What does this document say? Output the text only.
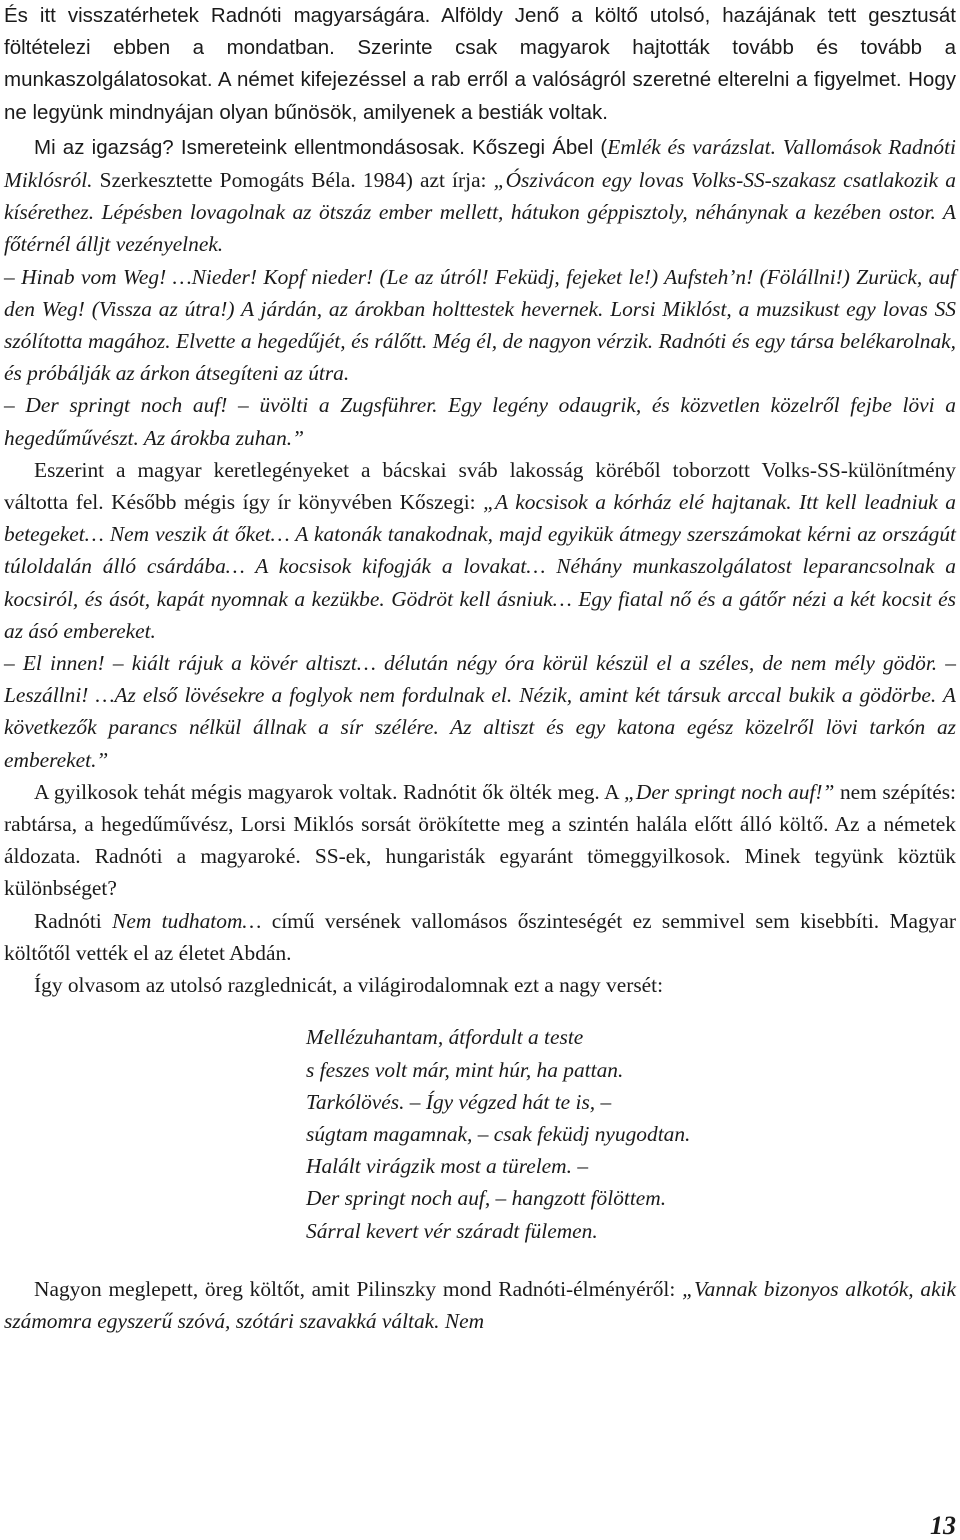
És itt visszatérhetek Radnóti magyarságára. Alföldy Jenő a költő utolsó, hazájának tett gesztusát föltételezi ebben a mondatban. Szerinte csak magyarok hajtották tovább és tovább a munkaszolgálatosokat. A német kifejezéssel a rab erről a valóságról szeretné elterelni a figyelmet. Hogy ne legyünk mindnyájan olyan bűnösök, amilyenek a bestiák voltak.

Mi az igazság? Ismereteink ellentmondásosak. Kőszegi Ábel (Emlék és varázslat. Vallomások Radnóti Miklósról. Szerkesztette Pomogáts Béla. 1984) azt írja: „Ószivácon egy lovas Volks-SS-szakasz csatlakozik a kísérethez. Lépésben lovagolnak az ötszáz ember mellett, hátukon géppisztoly, néhánynak a kezében ostor. A főtérnél álljt vezényelnek.

– Hinab vom Weg! …Nieder! Kopf nieder! (Le az útról! Feküdj, fejeket le!) Aufsteh’n! (Fölállni!) Zurück, auf den Weg! (Vissza az útra!) A járdán, az árokban holttestek hevernek. Lorsi Miklóst, a muzsikust egy lovas SS szólította magához. Elvette a hegedűjét, és rálőtt. Még él, de nagyon vérzik. Radnóti és egy társa belékarolnak, és próbálják az árkon átsegíteni az útra.

– Der springt noch auf! – üvölti a Zugsführer. Egy legény odaugrik, és közvetlen közelről fejbe lövi a hegedűművészt. Az árokba zuhan.”

Eszerint a magyar keretlegényeket a bácskai sváb lakosság köréből toborzott Volks-SS-különítmény váltotta fel. Később mégis így ír könyvében Kőszegi: „A kocsisok a kórház elé hajtanak. Itt kell leadniuk a betegeket… Nem veszik át őket… A katonák tanakodnak, majd egyikük átmegy szerszámokat kérni az országút túloldalán álló csárdába… A kocsisok kifogják a lovakat… Néhány munkaszolgálatost leparancsolnak a kocsiról, és ásót, kapát nyomnak a kezükbe. Gödröt kell ásniuk… Egy fiatal nő és a gátőr nézi a két kocsit és az ásó embereket.

– El innen! – kiált rájuk a kövér altiszt… délután négy óra körül készül el a széles, de nem mély gödör. – Leszállni! …Az első lövésekre a foglyok nem fordulnak el. Nézik, amint két társuk arccal bukik a gödörbe. A következők parancs nélkül állnak a sír szélére. Az altiszt és egy katona egész közelről lövi tarkón az embereket.”

A gyilkosok tehát mégis magyarok voltak. Radnótit ők ölték meg. A „Der springt noch auf!” nem szépítés: rabtársa, a hegedűművész, Lorsi Miklós sorsát örökítette meg a szintén halála előtt álló költő. Az a németek áldozata. Radnóti a magyaroké. SS-ek, hungaristák egyaránt tömeggyilkosok. Minek tegyünk köztük különbséget?

Radnóti Nem tudhatom… című versének vallomásos őszinteségét ez semmivel sem kisebbíti. Magyar költőtől vették el az életet Abdán.

Így olvasom az utolsó razglednicát, a világirodalomnak ezt a nagy versét:

Mellézuhantam, átfordult a teste

s feszes volt már, mint húr, ha pattan.

Tarkólövés. – Így végzed hát te is, –

súgtam magamnak, – csak feküdj nyugodtan.

Halált virágzik most a türelem. –

Der springt noch auf, – hangzott fölöttem.

Sárral kevert vér száradt fülemen.

Nagyon meglepett, öreg költőt, amit Pilinszky mond Radnóti-élményéről: „Vannak bizonyos alkotók, akik számomra egyszerű szóvá, szótári szavakká váltak. Nem

13
